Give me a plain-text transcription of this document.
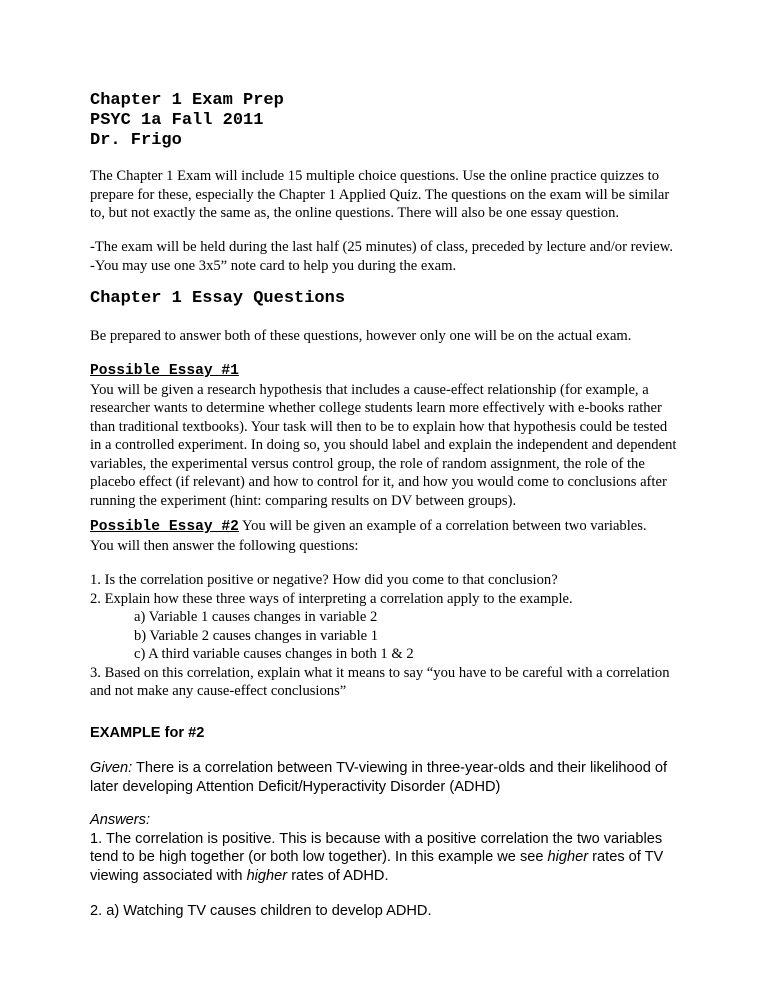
Chapter 1 Exam Prep

PSYC 1a Fall 2011

Dr. Frigo

The Chapter 1 Exam will include 15 multiple choice questions. Use the online practice quizzes to

prepare for these, especially the Chapter 1 Applied Quiz. The questions on the exam will be similar

to, but not exactly the same as, the online questions. There will also be one essay question.

-The exam will be held during the last half (25 minutes) of class, preceded by lecture and/or review.

-You may use one 3x5” note card to help you during the exam.

Chapter 1 Essay Questions

Be prepared to answer both of these questions, however only one will be on the actual exam.

Possible Essay #1

You will be given a research hypothesis that includes a cause-effect relationship (for example, a

researcher wants to determine whether college students learn more effectively with e-books rather

than traditional textbooks). Your task will then to be to explain how that hypothesis could be tested

in a controlled experiment. In doing so, you should label and explain the independent and dependent

variables, the experimental versus control group, the role of random assignment, the role of the

placebo effect (if relevant) and how to control for it, and how you would come to conclusions after

running the experiment (hint: comparing results on DV between groups).

Possible Essay #2 You will be given an example of a correlation between two variables.

You will then answer the following questions:

1. Is the correlation positive or negative? How did you come to that conclusion?

2. Explain how these three ways of interpreting a correlation apply to the example.

a) Variable 1 causes changes in variable 2

b) Variable 2 causes changes in variable 1

c) A third variable causes changes in both 1 & 2

3. Based on this correlation, explain what it means to say “you have to be careful with a correlation

and not make any cause-effect conclusions”

EXAMPLE for #2

Given: There is a correlation between TV-viewing in three-year-olds and their likelihood of

later developing Attention Deficit/Hyperactivity Disorder (ADHD)

Answers:

1. The correlation is positive. This is because with a positive correlation the two variables

tend to be high together (or both low together). In this example we see higher rates of TV

viewing associated with higher rates of ADHD.

2. a) Watching TV causes children to develop ADHD.
